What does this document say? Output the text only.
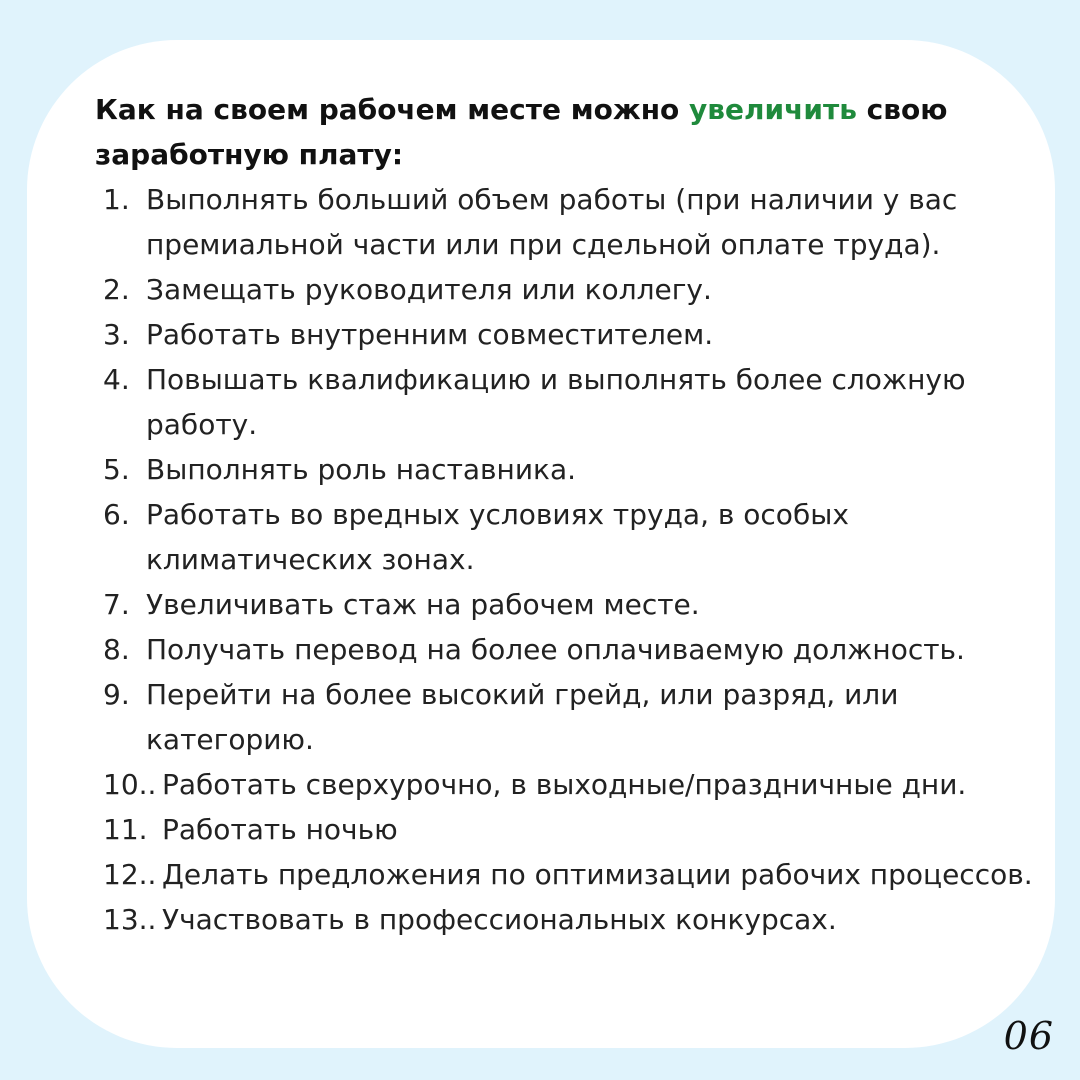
Как на своем рабочем месте можно увеличить свою заработную плату:

1. Выполнять больший объем работы (при наличии у вас премиальной части или при сдельной оплате труда).
2. Замещать руководителя или коллегу.
3. Работать внутренним совместителем.
4. Повышать квалификацию и выполнять более сложную работу.
5. Выполнять роль наставника.
6. Работать во вредных условиях труда, в особых климатических зонах.
7. Увеличивать стаж на рабочем месте.
8. Получать перевод на более оплачиваемую должность.
9. Перейти на более высокий грейд, или разряд, или категорию.
10.. Работать сверхурочно, в выходные/праздничные дни.
11. Работать ночью
12.. Делать предложения по оптимизации рабочих процессов.
13.. Участвовать в профессиональных конкурсах.
06
